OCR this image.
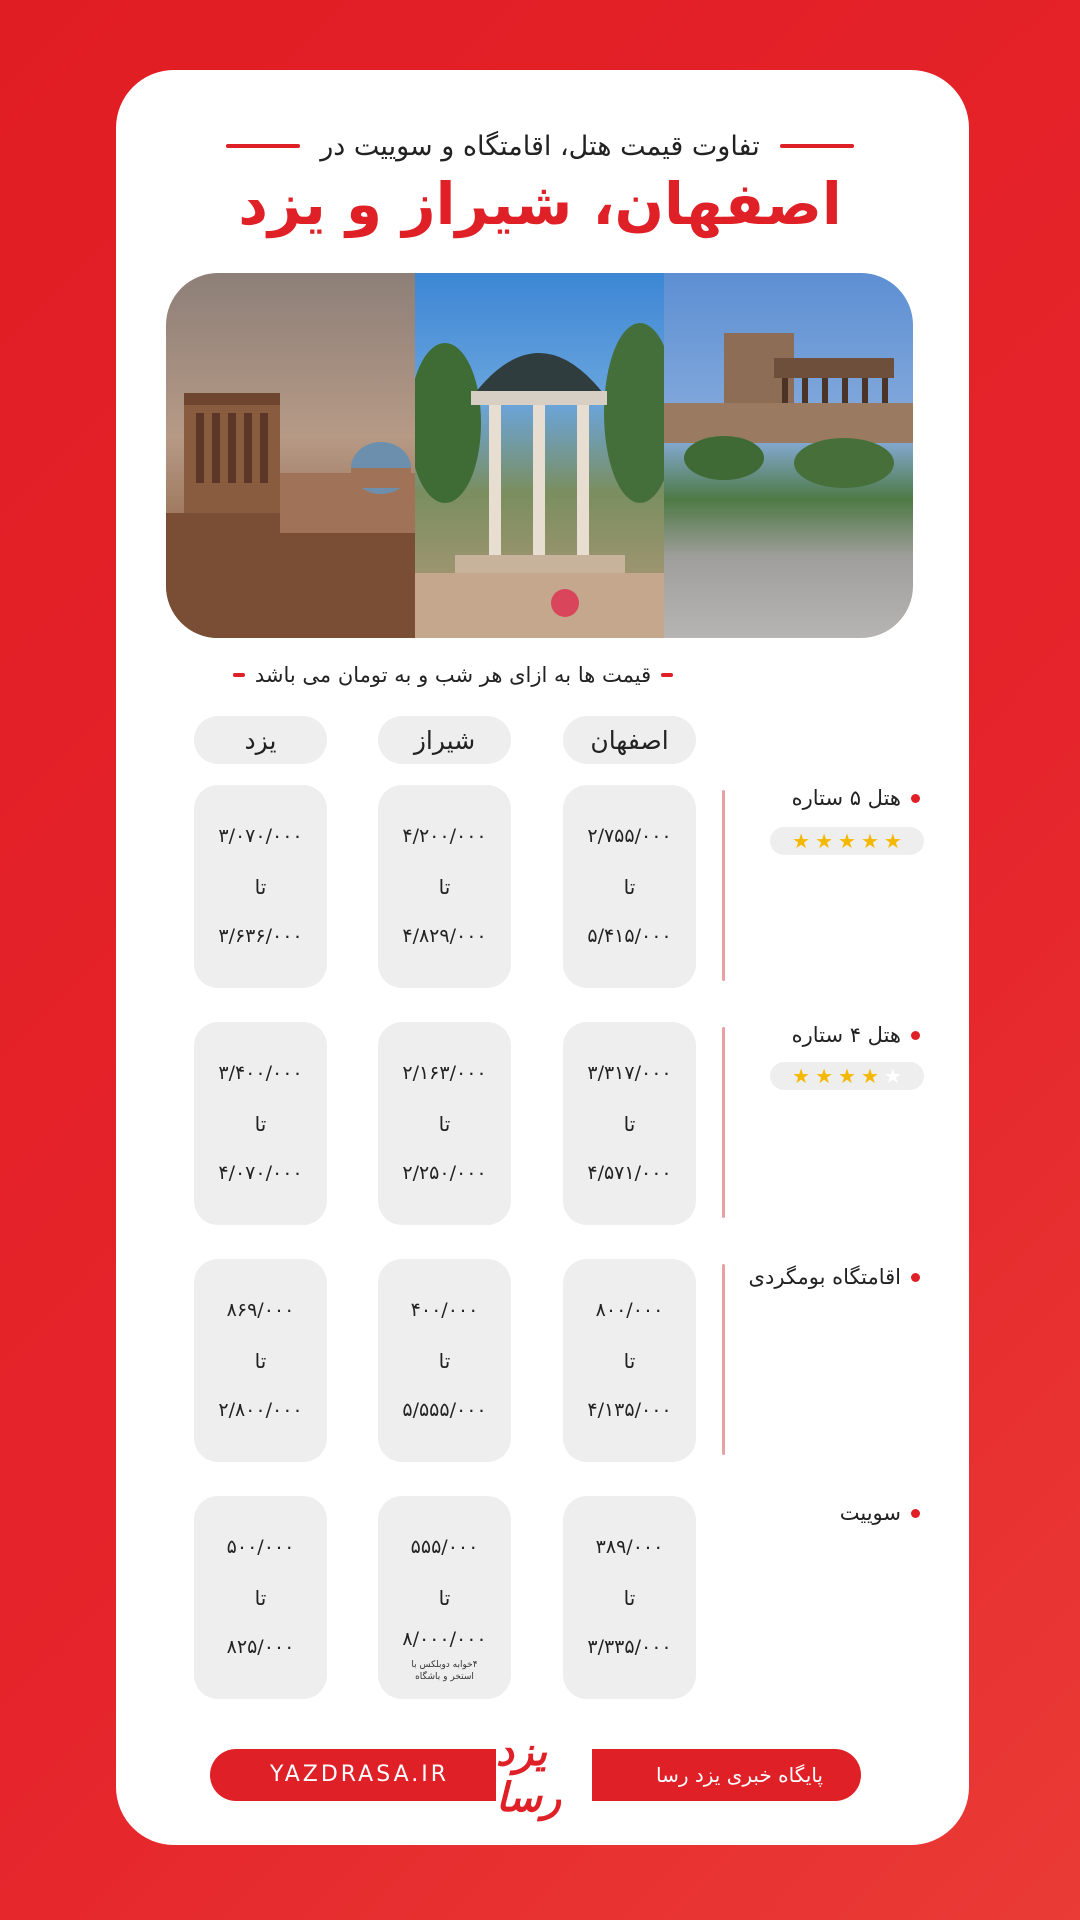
تفاوت قیمت هتل، اقامتگاه و سوییت در
اصفهان، شیراز و یزد
قیمت ها به ازای هر شب و به تومان می باشد
اصفهان
شیراز
یزد
هتل ۵ ستاره
★ ★ ★ ★ ★
۲/۷۵۵/۰۰۰
تا
۵/۴۱۵/۰۰۰
۴/۲۰۰/۰۰۰
تا
۴/۸۲۹/۰۰۰
۳/۰۷۰/۰۰۰
تا
۳/۶۳۶/۰۰۰
هتل ۴ ستاره
★ ★ ★ ★ ★
۳/۳۱۷/۰۰۰
تا
۴/۵۷۱/۰۰۰
۲/۱۶۳/۰۰۰
تا
۲/۲۵۰/۰۰۰
۳/۴۰۰/۰۰۰
تا
۴/۰۷۰/۰۰۰
اقامتگاه بومگردی
۸۰۰/۰۰۰
تا
۴/۱۳۵/۰۰۰
۴۰۰/۰۰۰
تا
۵/۵۵۵/۰۰۰
۸۶۹/۰۰۰
تا
۲/۸۰۰/۰۰۰
سوییت
۳۸۹/۰۰۰
تا
۳/۳۳۵/۰۰۰
۵۵۵/۰۰۰
تا
۸/۰۰۰/۰۰۰
۴خوابه دوبلکس با استخر و باشگاه
۵۰۰/۰۰۰
تا
۸۲۵/۰۰۰
YAZDRASA.IR	پایگاه خبری یزد رسا
یزد رسا
